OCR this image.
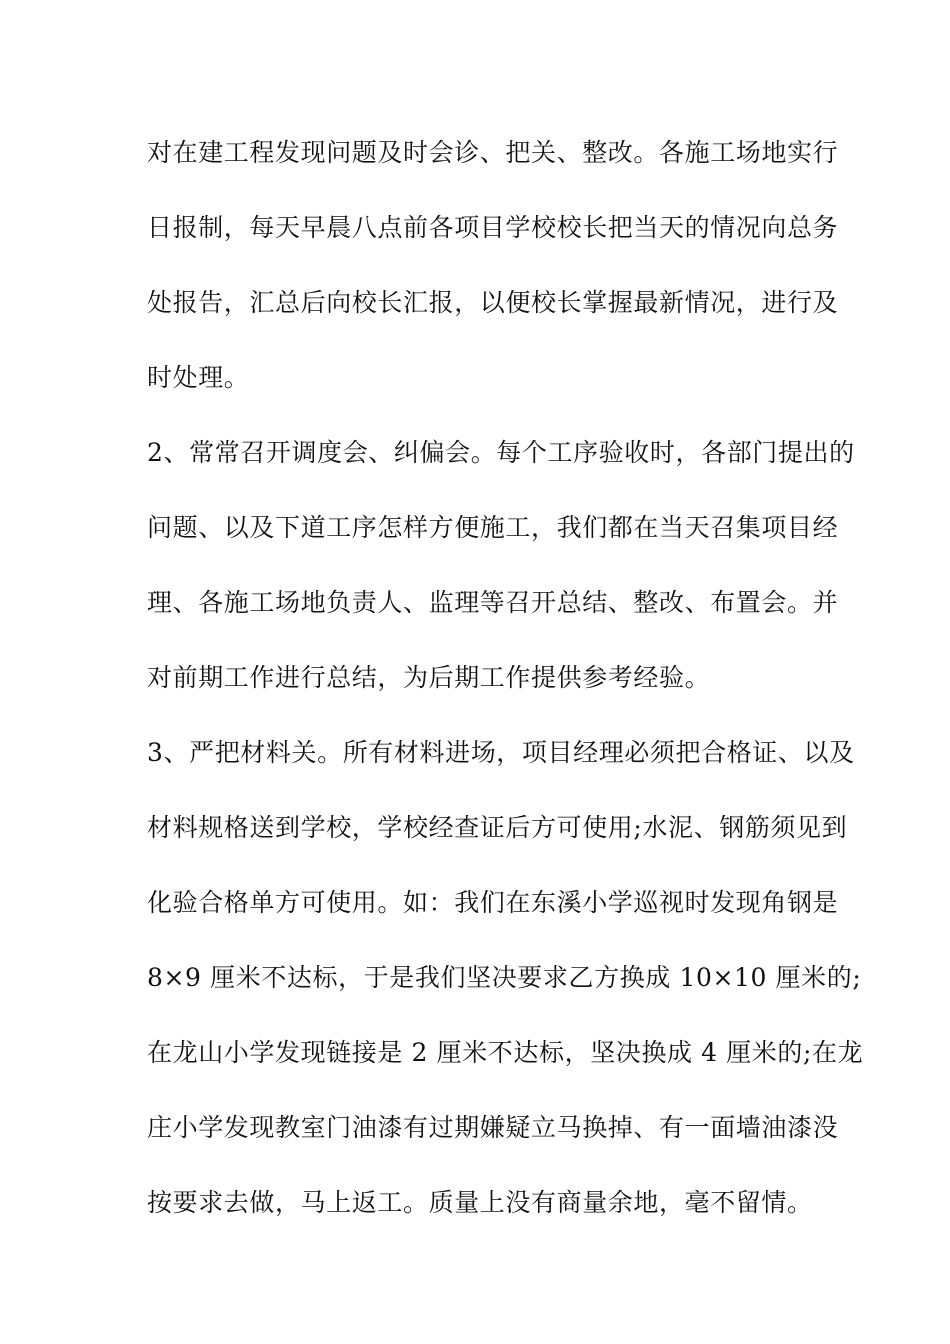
对在建工程发现问题及时会诊、把关、整改。各施工场地实行
日报制，每天早晨八点前各项目学校校长把当天的情况向总务
处报告，汇总后向校长汇报，以便校长掌握最新情况，进行及
时处理。
2、常常召开调度会、纠偏会。每个工序验收时，各部门提出的
问题、以及下道工序怎样方便施工，我们都在当天召集项目经
理、各施工场地负责人、监理等召开总结、整改、布置会。并
对前期工作进行总结，为后期工作提供参考经验。
3、严把材料关。所有材料进场，项目经理必须把合格证、以及
材料规格送到学校，学校经查证后方可使用;水泥、钢筋须见到
化验合格单方可使用。如：我们在东溪小学巡视时发现角钢是
8×9 厘米不达标，于是我们坚决要求乙方换成 10×10 厘米的;
在龙山小学发现链接是 2 厘米不达标，坚决换成 4 厘米的;在龙
庄小学发现教室门油漆有过期嫌疑立马换掉、有一面墙油漆没
按要求去做，马上返工。质量上没有商量余地，毫不留情。
